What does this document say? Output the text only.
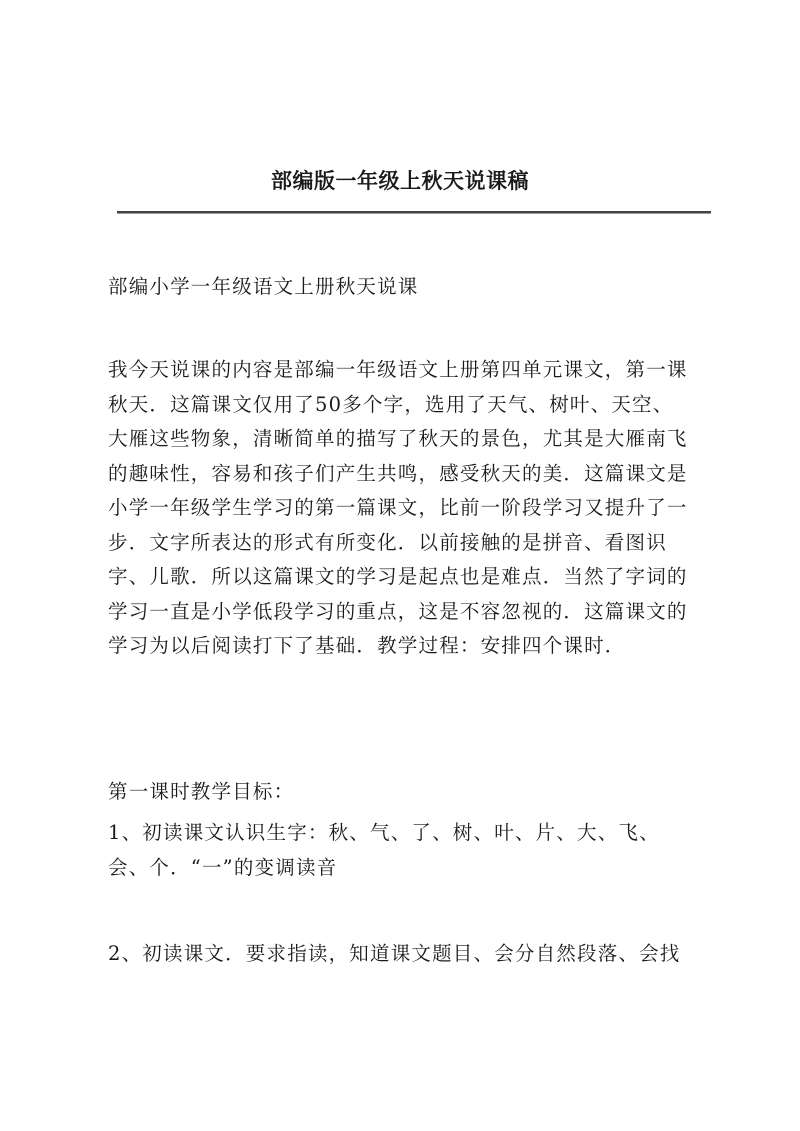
部编版一年级上秋天说课稿

部编小学一年级语文上册秋天说课

我今天说课的内容是部编一年级语文上册第四单元课文，第一课
秋天．这篇课文仅用了50多个字，选用了天气、树叶、天空、
大雁这些物象，清晰简单的描写了秋天的景色，尤其是大雁南飞
的趣味性，容易和孩子们产生共鸣，感受秋天的美．这篇课文是
小学一年级学生学习的第一篇课文，比前一阶段学习又提升了一
步．文字所表达的形式有所变化．以前接触的是拼音、看图识
字、儿歌．所以这篇课文的学习是起点也是难点．当然了字词的
学习一直是小学低段学习的重点，这是不容忽视的．这篇课文的
学习为以后阅读打下了基础．教学过程：安排四个课时．

第一课时教学目标：

1、初读课文认识生字：秋、气、了、树、叶、片、大、飞、
会、个．“一”的变调读音

2、初读课文．要求指读，知道课文题目、会分自然段落、会找
